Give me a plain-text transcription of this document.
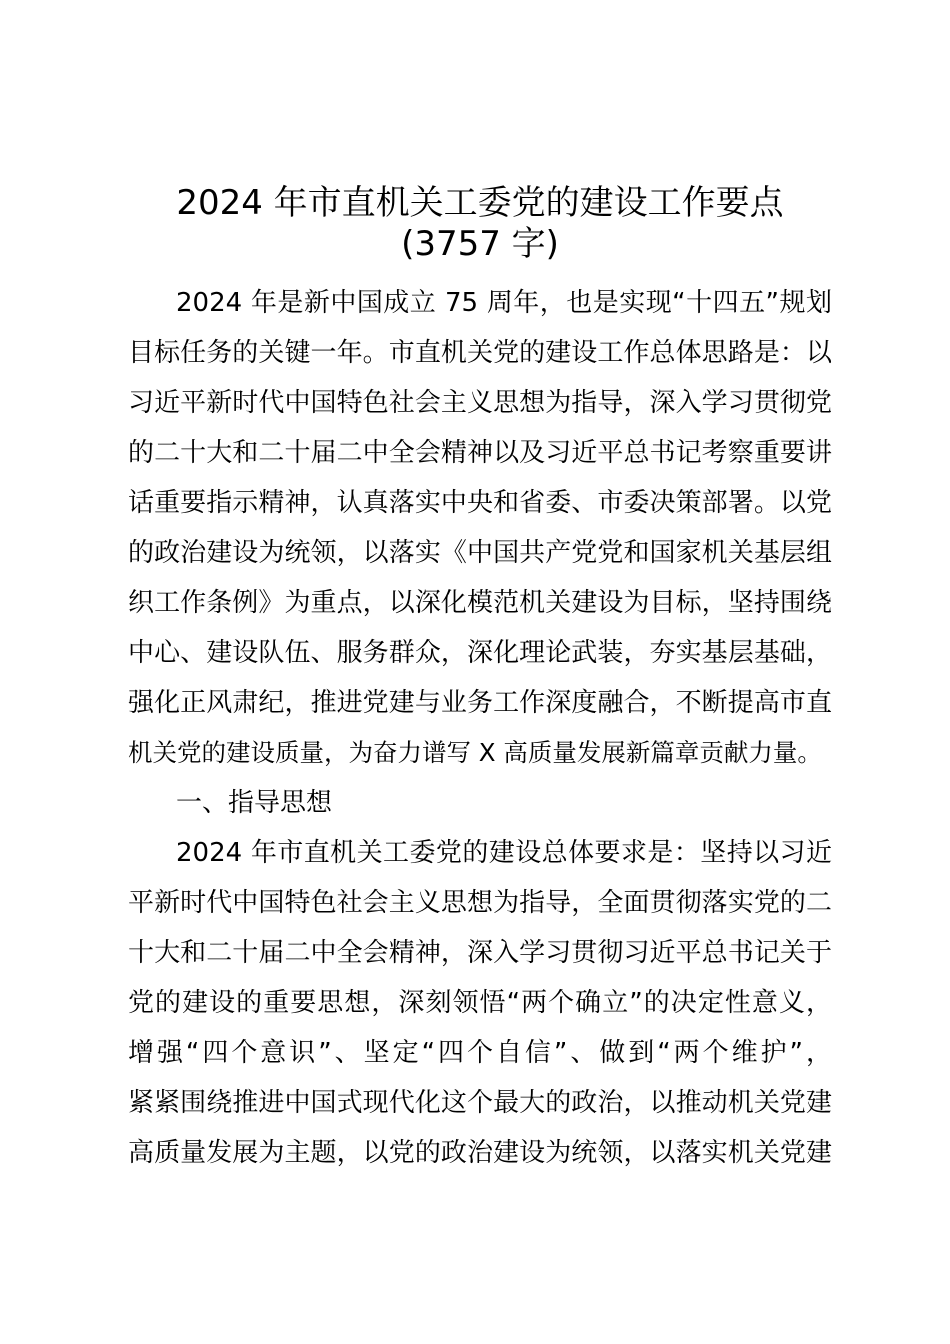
2024 年市直机关工委党的建设工作要点
(3757 字)
2024 年是新中国成立 75 周年，也是实现“十四五”规划
目标任务的关键一年。市直机关党的建设工作总体思路是：以
习近平新时代中国特色社会主义思想为指导，深入学习贯彻党
的二十大和二十届二中全会精神以及习近平总书记考察重要讲
话重要指示精神，认真落实中央和省委、市委决策部署。以党
的政治建设为统领，以落实《中国共产党党和国家机关基层组
织工作条例》为重点，以深化模范机关建设为目标，坚持围绕
中心、建设队伍、服务群众，深化理论武装，夯实基层基础，
强化正风肃纪，推进党建与业务工作深度融合，不断提高市直
机关党的建设质量，为奋力谱写 X 高质量发展新篇章贡献力量。
一、指导思想
2024 年市直机关工委党的建设总体要求是：坚持以习近
平新时代中国特色社会主义思想为指导，全面贯彻落实党的二
十大和二十届二中全会精神，深入学习贯彻习近平总书记关于
党的建设的重要思想，深刻领悟“两个确立”的决定性意义，
增强“四个意识”、坚定“四个自信”、做到“两个维护”，
紧紧围绕推进中国式现代化这个最大的政治，以推动机关党建
高质量发展为主题，以党的政治建设为统领，以落实机关党建
